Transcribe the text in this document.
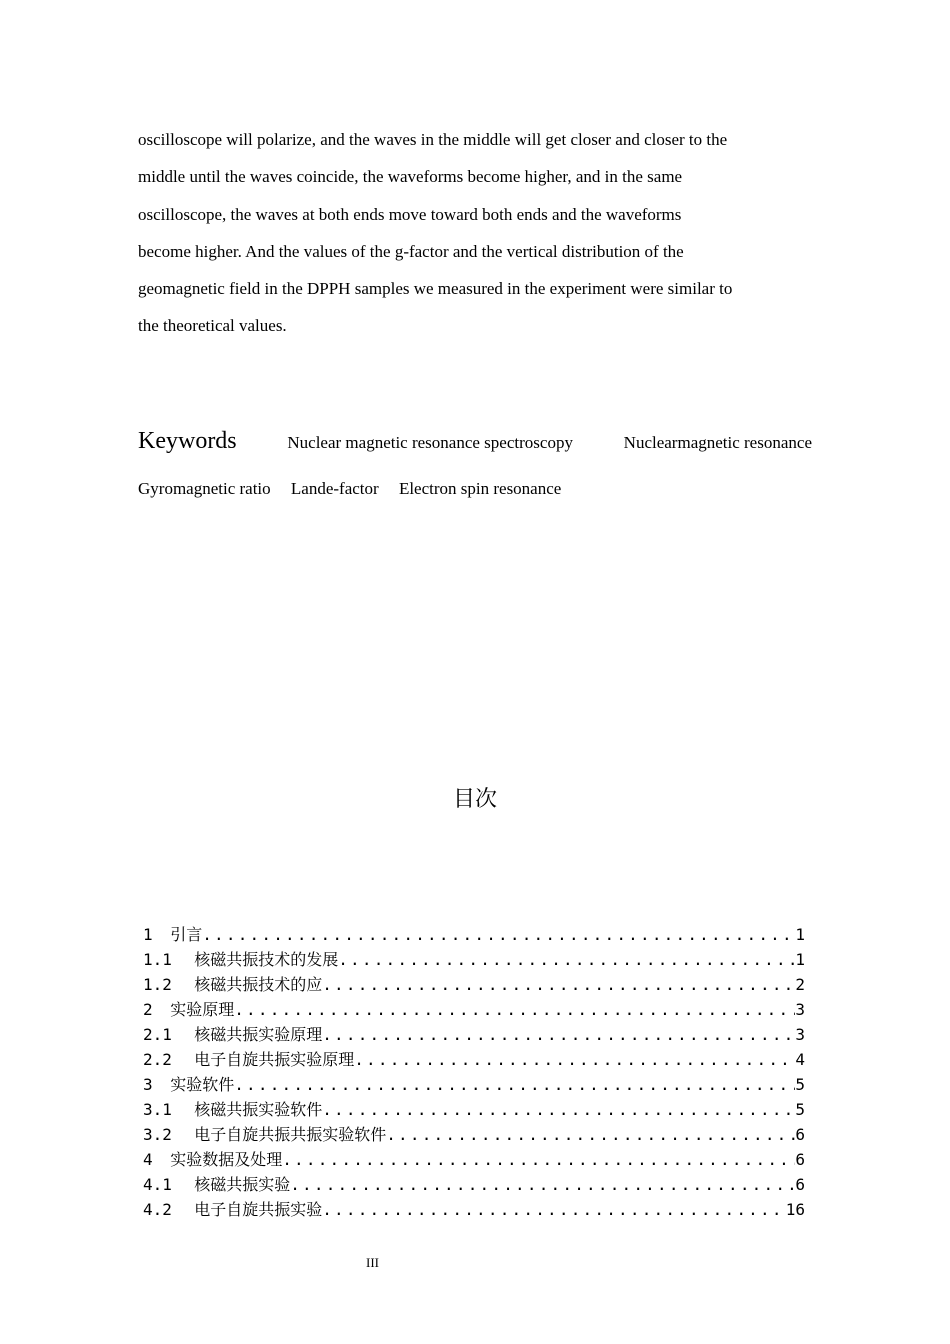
oscilloscope will polarize, and the waves in the middle will get closer and closer to the
middle until the waves coincide, the waveforms become higher, and in the same
oscilloscope, the waves at both ends move toward both ends and the waveforms
become higher. And the values of the g-factor and the vertical distribution of the
geomagnetic field in the DPPH samples we measured in the experiment were similar to
the theoretical values.
Keywords	Nuclear magnetic resonance spectroscopy	Nuclearmagnetic resonance
Gyromagnetic ratio Lande-factor Electron spin resonance
目次
1	引言 .....	1
1.1	核磁共振技术的发展 .....	1
1.2	核磁共振技术的应 .....	2
2	实验原理 .....	3
2.1	核磁共振实验原理 .....	3
2.2	电子自旋共振实验原理 .....	4
3	实验软件 .....	5
3.1	核磁共振实验软件 .....	5
3.2	电子自旋共振共振实验软件 .....	6
4	实验数据及处理 .....	6
4.1	核磁共振实验 .....	6
4.2	电子自旋共振实验 .....	16
III
